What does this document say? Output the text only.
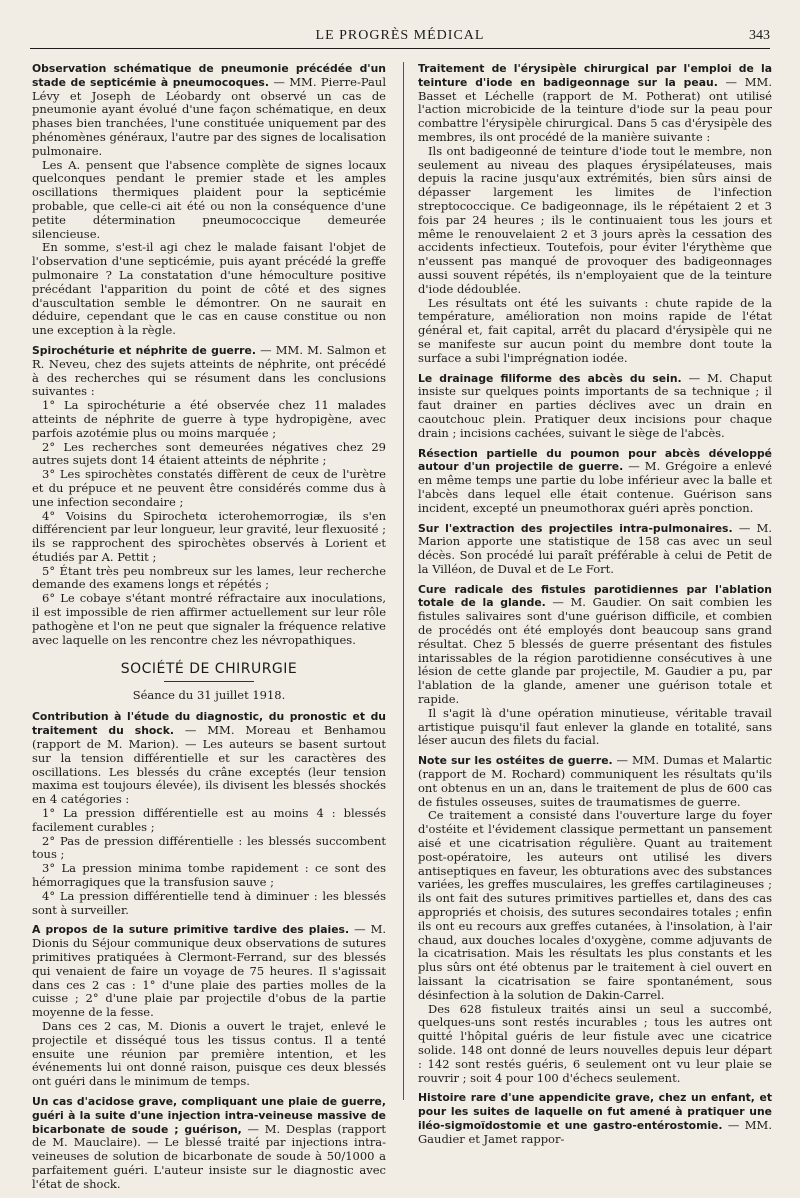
LE PROGRÈS MÉDICAL	343

Observation schématique de pneumonie précédée d'un stade de septicémie à pneumocoques. — MM. Pierre-Paul Lévy et Joseph de Léobardy ont observé un cas de pneumonie ayant évolué d'une façon schématique, en deux phases bien tranchées, l'une constituée uniquement par des phénomènes généraux, l'autre par des signes de localisation pulmonaire.

Les A. pensent que l'absence complète de signes locaux quelconques pendant le premier stade et les amples oscillations thermiques plaident pour la septicémie probable, que celle-ci ait été ou non la conséquence d'une petite détermination pneumococcique demeurée silencieuse.

En somme, s'est-il agi chez le malade faisant l'objet de l'observation d'une septicémie, puis ayant précédé la greffe pulmonaire ? La constatation d'une hémoculture positive précédant l'apparition du point de côté et des signes d'auscultation semble le démontrer. On ne saurait en déduire, cependant que le cas en cause constitue ou non une exception à la règle.

Spirochéturie et néphrite de guerre. — MM. M. Salmon et R. Neveu, chez des sujets atteints de néphrite, ont précédé à des recherches qui se résument dans les conclusions suivantes :

1° La spirochéturie a été observée chez 11 malades atteints de néphrite de guerre à type hydropigène, avec parfois azotémie plus ou moins marquée ;

2° Les recherches sont demeurées négatives chez 29 autres sujets dont 14 étaient atteints de néphrite ;

3° Les spirochètes constatés diffèrent de ceux de l'urètre et du prépuce et ne peuvent être considérés comme dus à une infection secondaire ;

4° Voisins du Spirochetα icterohemorrogiæ, ils s'en différencient par leur longueur, leur gravité, leur flexuosité ; ils se rapprochent des spirochètes observés à Lorient et étudiés par A. Pettit ;

5° Étant très peu nombreux sur les lames, leur recherche demande des examens longs et répétés ;

6° Le cobaye s'étant montré réfractaire aux inoculations, il est impossible de rien affirmer actuellement sur leur rôle pathogène et l'on ne peut que signaler la fréquence relative avec laquelle on les rencontre chez les névropathiques.

SOCIÉTÉ DE CHIRURGIE
Séance du 31 juillet 1918.

Contribution à l'étude du diagnostic, du pronostic et du traitement du shock. — MM. Moreau et Benhamou (rapport de M. Marion). — Les auteurs se basent surtout sur la tension différentielle et sur les caractères des oscillations. Les blessés du crâne exceptés (leur tension maxima est toujours élevée), ils divisent les blessés shockés en 4 catégories :

1° La pression différentielle est au moins 4 : blessés facilement curables ;

2° Pas de pression différentielle : les blessés succombent tous ;

3° La pression minima tombe rapidement : ce sont des hémorragiques que la transfusion sauve ;

4° La pression différentielle tend à diminuer : les blessés sont à surveiller.

A propos de la suture primitive tardive des plaies. — M. Dionis du Séjour communique deux observations de sutures primitives pratiquées à Clermont-Ferrand, sur des blessés qui venaient de faire un voyage de 75 heures. Il s'agissait dans ces 2 cas : 1° d'une plaie des parties molles de la cuisse ; 2° d'une plaie par projectile d'obus de la partie moyenne de la fesse.

Dans ces 2 cas, M. Dionis a ouvert le trajet, enlevé le projectile et disséqué tous les tissus contus. Il a tenté ensuite une réunion par première intention, et les événements lui ont donné raison, puisque ces deux blessés ont guéri dans le minimum de temps.

Un cas d'acidose grave, compliquant une plaie de guerre, guéri à la suite d'une injection intra-veineuse massive de bicarbonate de soude ; guérison, — M. Desplas (rapport de M. Mauclaire). — Le blessé traité par injections intra-veineuses de solution de bicarbonate de soude à 50/1000 a parfaitement guéri. L'auteur insiste sur le diagnostic avec l'état de shock.

Traitement de l'érysipèle chirurgical par l'emploi de la teinture d'iode en badigeonnage sur la peau. — MM. Basset et Léchelle (rapport de M. Potherat) ont utilisé l'action microbicide de la teinture d'iode sur la peau pour combattre l'érysipèle chirurgical. Dans 5 cas d'érysipèle des membres, ils ont procédé de la manière suivante :

Ils ont badigeonné de teinture d'iode tout le membre, non seulement au niveau des plaques érysipélateuses, mais depuis la racine jusqu'aux extrémités, bien sûrs ainsi de dépasser largement les limites de l'infection streptococcique. Ce badigeonnage, ils le répétaient 2 et 3 fois par 24 heures ; ils le continuaient tous les jours et même le renouvelaient 2 et 3 jours après la cessation des accidents infectieux. Toutefois, pour éviter l'érythème que n'eussent pas manqué de provoquer des badigeonnages aussi souvent répétés, ils n'employaient que de la teinture d'iode dédoublée.

Les résultats ont été les suivants : chute rapide de la température, amélioration non moins rapide de l'état général et, fait capital, arrêt du placard d'érysipèle qui ne se manifeste sur aucun point du membre dont toute la surface a subi l'imprégnation iodée.

Le drainage filiforme des abcès du sein. — M. Chaput insiste sur quelques points importants de sa technique ; il faut drainer en parties déclives avec un drain en caoutchouc plein. Pratiquer deux incisions pour chaque drain ; incisions cachées, suivant le siège de l'abcès.

Résection partielle du poumon pour abcès développé autour d'un projectile de guerre. — M. Grégoire a enlevé en même temps une partie du lobe inférieur avec la balle et l'abcès dans lequel elle était contenue. Guérison sans incident, excepté un pneumothorax guéri après ponction.

Sur l'extraction des projectiles intra-pulmonaires. — M. Marion apporte une statistique de 158 cas avec un seul décès. Son procédé lui paraît préférable à celui de Petit de la Villéon, de Duval et de Le Fort.

Cure radicale des fistules parotidiennes par l'ablation totale de la glande. — M. Gaudier. On sait combien les fistules salivaires sont d'une guérison difficile, et combien de procédés ont été employés dont beaucoup sans grand résultat. Chez 5 blessés de guerre présentant des fistules intarissables de la région parotidienne consécutives à une lésion de cette glande par projectile, M. Gaudier a pu, par l'ablation de la glande, amener une guérison totale et rapide.

Il s'agit là d'une opération minutieuse, véritable travail artistique puisqu'il faut enlever la glande en totalité, sans léser aucun des filets du facial.

Note sur les ostéites de guerre. — MM. Dumas et Malartic (rapport de M. Rochard) communiquent les résultats qu'ils ont obtenus en un an, dans le traitement de plus de 600 cas de fistules osseuses, suites de traumatismes de guerre.

Ce traitement a consisté dans l'ouverture large du foyer d'ostéite et l'évidement classique permettant un pansement aisé et une cicatrisation régulière. Quant au traitement post-opératoire, les auteurs ont utilisé les divers antiseptiques en faveur, les obturations avec des substances variées, les greffes musculaires, les greffes cartilagineuses ; ils ont fait des sutures primitives partielles et, dans des cas appropriés et choisis, des sutures secondaires totales ; enfin ils ont eu recours aux greffes cutanées, à l'insolation, à l'air chaud, aux douches locales d'oxygène, comme adjuvants de la cicatrisation. Mais les résultats les plus constants et les plus sûrs ont été obtenus par le traitement à ciel ouvert en laissant la cicatrisation se faire spontanément, sous désinfection à la solution de Dakin-Carrel.

Des 628 fistuleux traités ainsi un seul a succombé, quelques-uns sont restés incurables ; tous les autres ont quitté l'hôpital guéris de leur fistule avec une cicatrice solide. 148 ont donné de leurs nouvelles depuis leur départ : 142 sont restés guéris, 6 seulement ont vu leur plaie se rouvrir ; soit 4 pour 100 d'échecs seulement.

Histoire rare d'une appendicite grave, chez un enfant, et pour les suites de laquelle on fut amené à pratiquer une iléo-sigmoïdostomie et une gastro-entérostomie. — MM. Gaudier et Jamet rappor-
